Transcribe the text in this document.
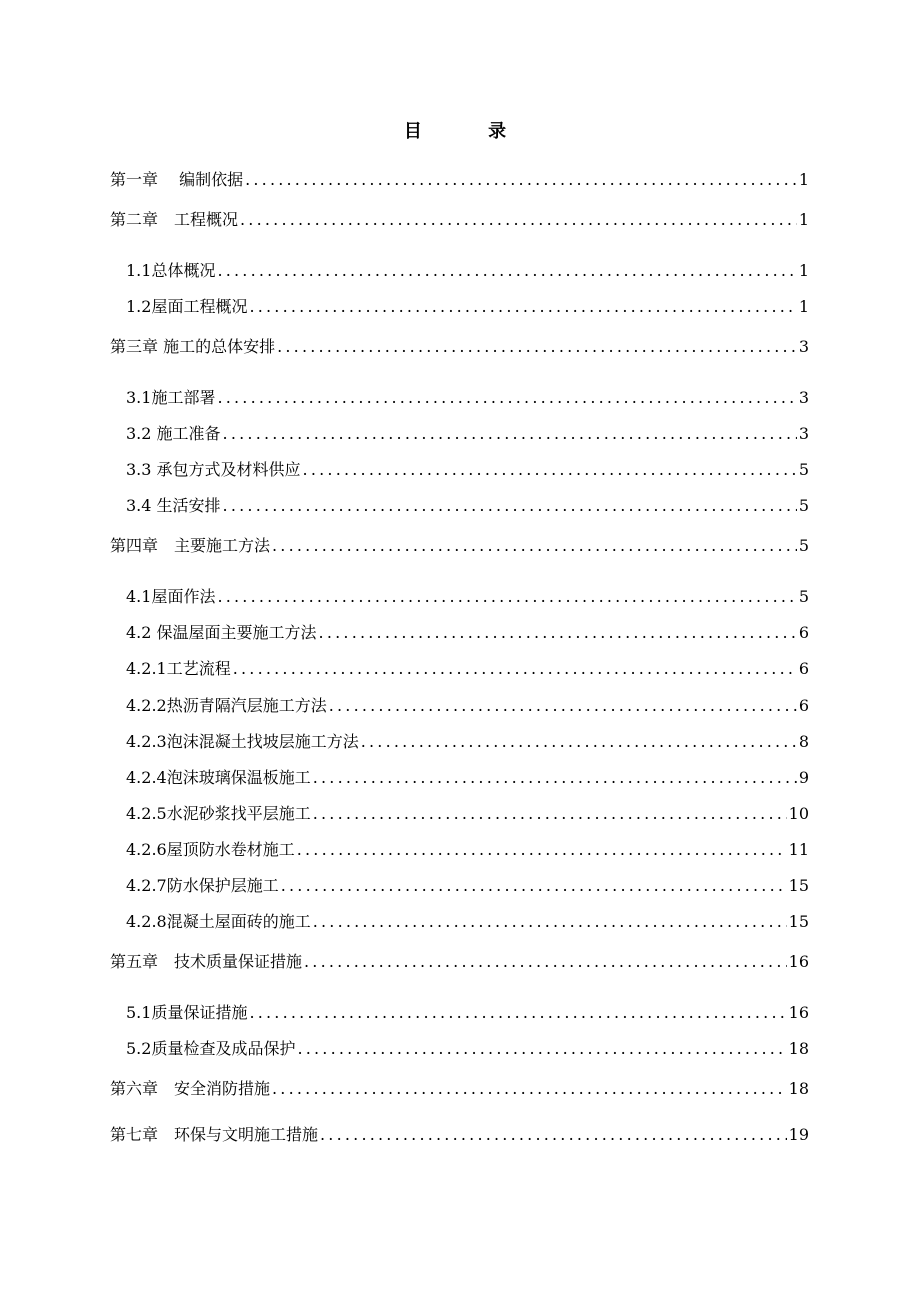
目 录
第一章　 编制依据 .....	1
第二章　工程概况 .....	1
1.1总体概况 .....	1
1.2屋面工程概况 .....	1
第三章 施工的总体安排 .....	3
3.1施工部署 .....	3
3.2 施工准备 .....	3
3.3 承包方式及材料供应 .....	5
3.4 生活安排 .....	5
第四章　主要施工方法 .....	5
4.1屋面作法 .....	5
4.2 保温屋面主要施工方法 .....	6
4.2.1工艺流程 .....	6
4.2.2热沥青隔汽层施工方法 .....	6
4.2.3泡沫混凝土找坡层施工方法 .....	8
4.2.4泡沫玻璃保温板施工 .....	9
4.2.5水泥砂浆找平层施工 .....	10
4.2.6屋顶防水卷材施工 .....	11
4.2.7防水保护层施工 .....	15
4.2.8混凝土屋面砖的施工 .....	15
第五章　技术质量保证措施 .....	16
5.1质量保证措施 .....	16
5.2质量检查及成品保护 .....	18
第六章　安全消防措施 .....	18
第七章　环保与文明施工措施 .....	19
